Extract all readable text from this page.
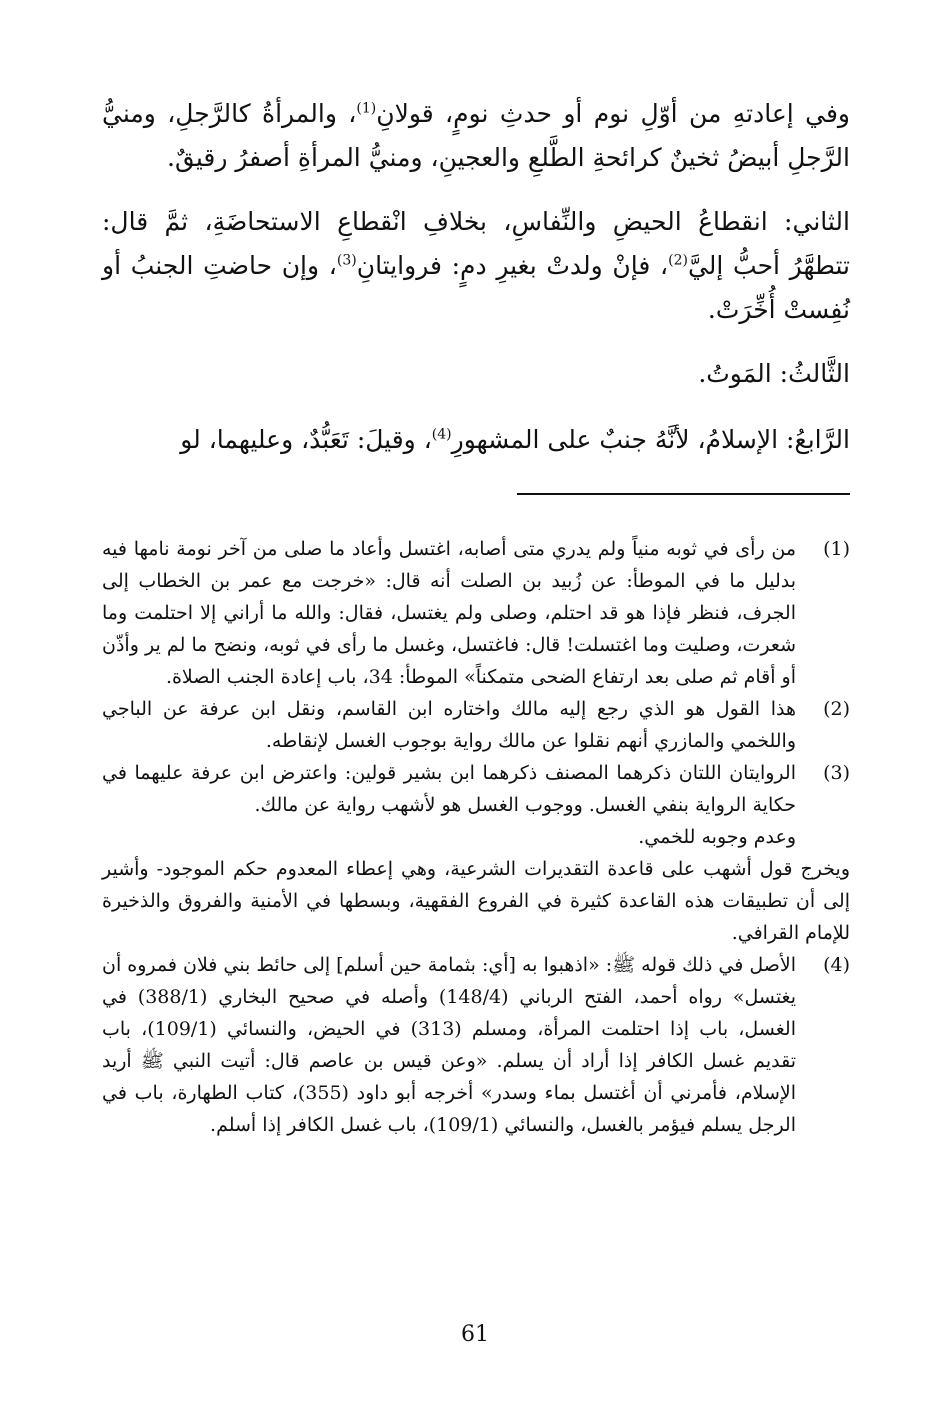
وفي إعادتهِ من أوّلِ نوم أو حدثِ نومٍ، قولانِ$^{(1)}$، والمرأةُ كالرَّجلِ، ومنيُّ الرَّجلِ أبيضُ ثخينٌ كرائحةِ الطَّلعِ والعجينِ، ومنيُّ المرأةِ أصفرُ رقيقٌ.

الثاني: انقطاعُ الحيضِ والنِّفاسِ، بخلافِ انْقطاعِ الاستحاضَةِ، ثمَّ قال: تتطهَّرُ أحبُّ إليَّ$^{(2)}$، فإنْ ولدتْ بغيرِ دمٍ: فروايتانِ$^{(3)}$، وإن حاضتِ الجنبُ أو نُفِستْ أُخِّرَتْ.

الثَّالثُ: المَوتُ.

الرَّابعُ: الإسلامُ، لأنَّهُ جنبٌ على المشهورِ$^{(4)}$، وقيلَ: تَعَبُّدٌ، وعليهما، لو

(1)
من رأى في ثوبه منياً ولم يدري متى أصابه، اغتسل وأعاد ما صلى من آخر نومة نامها فيه بدليل ما في الموطأ: عن زُبيد بن الصلت أنه قال: «خرجت مع عمر بن الخطاب إلى الجرف، فنظر فإذا هو قد احتلم، وصلى ولم يغتسل، فقال: والله ما أراني إلا احتلمت وما شعرت، وصليت وما اغتسلت! قال: فاغتسل، وغسل ما رأى في ثوبه، ونضح ما لم ير وأذّن أو أقام ثم صلى بعد ارتفاع الضحى متمكناً» الموطأ: 34، باب إعادة الجنب الصلاة.
(2)
هذا القول هو الذي رجع إليه مالك واختاره ابن القاسم، ونقل ابن عرفة عن الباجي واللخمي والمازري أنهم نقلوا عن مالك رواية بوجوب الغسل لإنقاطه.
(3)

الروايتان اللتان ذكرهما المصنف ذكرهما ابن بشير قولين: واعترض ابن عرفة عليهما في حكاية الرواية بنفي الغسل. ووجوب الغسل هو لأشهب رواية عن مالك.

وعدم وجوبه للخمي.

ويخرج قول أشهب على قاعدة التقديرات الشرعية، وهي إعطاء المعدوم حكم الموجود- وأشير إلى أن تطبيقات هذه القاعدة كثيرة في الفروع الفقهية، وبسطها في الأمنية والفروق والذخيرة للإمام القرافي.

(4)
الأصل في ذلك قوله ﷺ: «اذهبوا به [أي: بثمامة حين أسلم] إلى حائط بني فلان فمروه أن يغتسل» رواه أحمد، الفتح الرباني (148/4) وأصله في صحيح البخاري (388/1) في الغسل، باب إذا احتلمت المرأة، ومسلم (313) في الحيض، والنسائي (109/1)، باب تقديم غسل الكافر إذا أراد أن يسلم. «وعن قيس بن عاصم قال: أتيت النبي ﷺ أريد الإسلام، فأمرني أن أغتسل بماء وسدر» أخرجه أبو داود (355)، كتاب الطهارة، باب في الرجل يسلم فيؤمر بالغسل، والنسائي (109/1)، باب غسل الكافر إذا أسلم.
61
